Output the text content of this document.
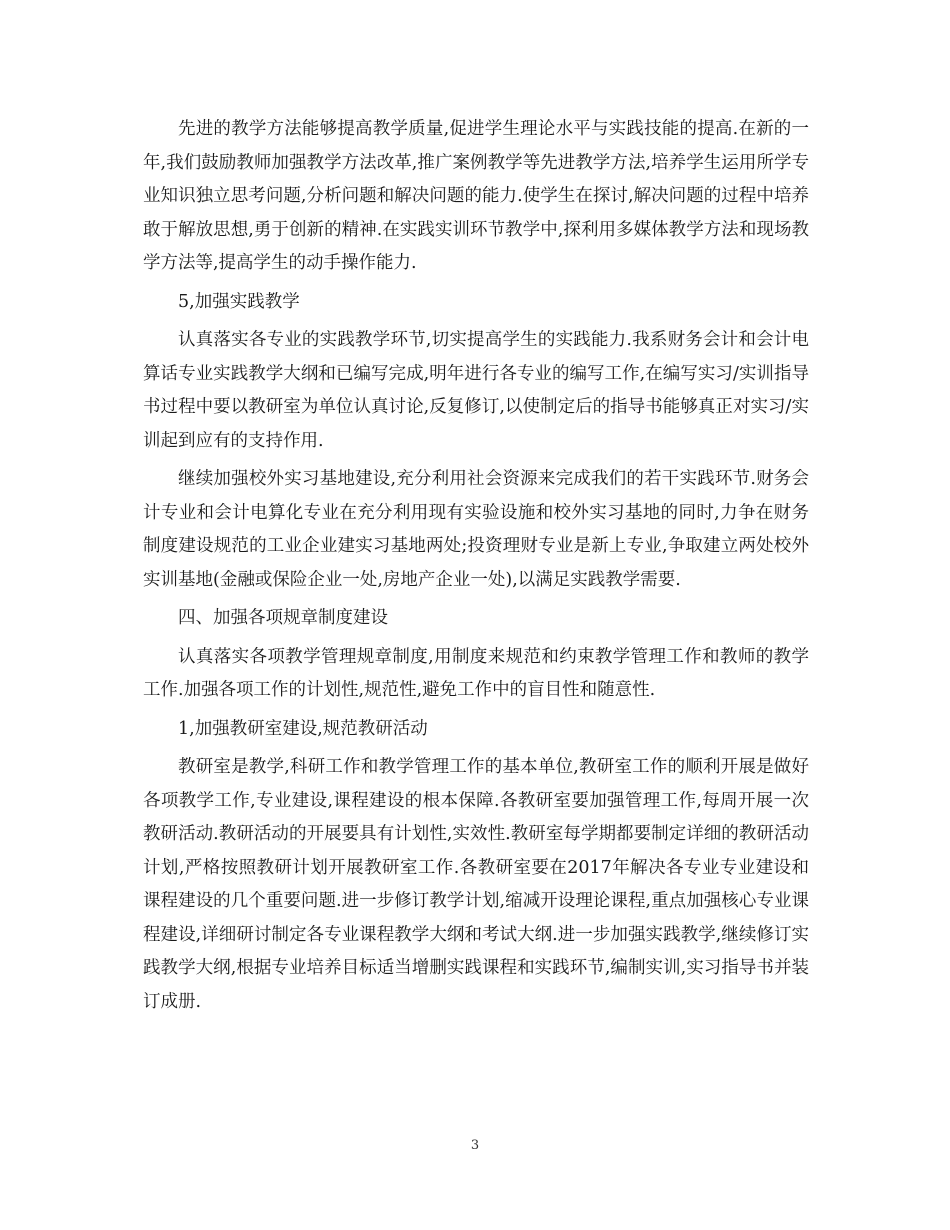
先进的教学方法能够提高教学质量,促进学生理论水平与实践技能的提高.在新的一年,我们鼓励教师加强教学方法改革,推广案例教学等先进教学方法,培养学生运用所学专业知识独立思考问题,分析问题和解决问题的能力.使学生在探讨,解决问题的过程中培养敢于解放思想,勇于创新的精神.在实践实训环节教学中,探利用多媒体教学方法和现场教学方法等,提高学生的动手操作能力.

5,加强实践教学

认真落实各专业的实践教学环节,切实提高学生的实践能力.我系财务会计和会计电算话专业实践教学大纲和已编写完成,明年进行各专业的编写工作,在编写实习/实训指导书过程中要以教研室为单位认真讨论,反复修订,以使制定后的指导书能够真正对实习/实训起到应有的支持作用.

继续加强校外实习基地建设,充分利用社会资源来完成我们的若干实践环节.财务会计专业和会计电算化专业在充分利用现有实验设施和校外实习基地的同时,力争在财务制度建设规范的工业企业建实习基地两处;投资理财专业是新上专业,争取建立两处校外实训基地(金融或保险企业一处,房地产企业一处),以满足实践教学需要.

四、加强各项规章制度建设

认真落实各项教学管理规章制度,用制度来规范和约束教学管理工作和教师的教学工作.加强各项工作的计划性,规范性,避免工作中的盲目性和随意性.

1,加强教研室建设,规范教研活动

教研室是教学,科研工作和教学管理工作的基本单位,教研室工作的顺利开展是做好各项教学工作,专业建设,课程建设的根本保障.各教研室要加强管理工作,每周开展一次教研活动.教研活动的开展要具有计划性,实效性.教研室每学期都要制定详细的教研活动计划,严格按照教研计划开展教研室工作.各教研室要在2017年解决各专业专业建设和课程建设的几个重要问题.进一步修订教学计划,缩减开设理论课程,重点加强核心专业课程建设,详细研讨制定各专业课程教学大纲和考试大纲.进一步加强实践教学,继续修订实践教学大纲,根据专业培养目标适当增删实践课程和实践环节,编制实训,实习指导书并装订成册.

3
